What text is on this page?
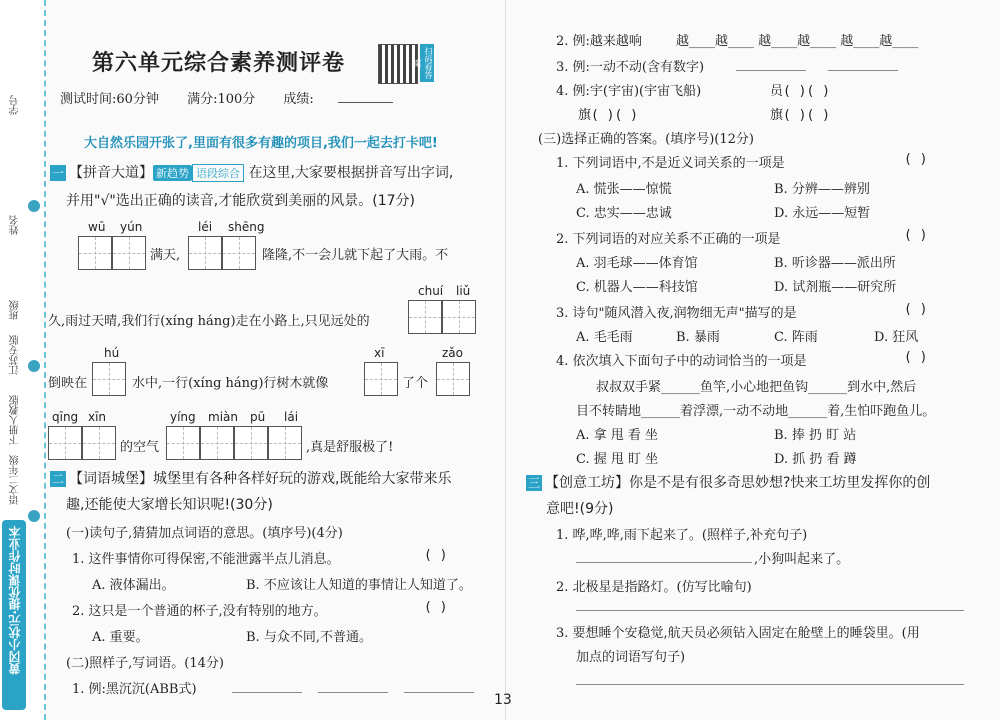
学号
姓名
班级
江苏专版
人教版
下册
语文二年级
黄冈小状元·提优课时作业本
第六单元综合素养测评卷	扫码看答案
测试时间:60分钟 满分:100分 成绩:
大自然乐园开张了,里面有很多有趣的项目,我们一起去打卡吧!
一 【拼音大道】 新趋势 语段综合 在这里,大家要根据拼音写出字词,
并用"√"选出正确的读音,才能欣赏到美丽的风景。(17分)
wū yún	léi shēng
满天,	隆隆,不一会儿就下起了大雨。不
chuí liǔ
久,雨过天晴,我们行(xíng háng)走在小路上,只见远处的
hú	xī	zǎo
倒映在	水中,一行(xíng háng)行树木就像	了个
qīng xīn	yíng miàn pū lái
的空气	,真是舒服极了!
二 【词语城堡】城堡里有各种各样好玩的游戏,既能给大家带来乐
趣,还能使大家增长知识呢!(30分)
(一)读句子,猜猜加点词语的意思。(填序号)(4分)
1. 这件事情你可得保密,不能泄露半点儿消息。	( )
A. 液体漏出。	B. 不应该让人知道的事情让人知道了。
2. 这只是一个普通的杯子,没有特别的地方。	( )
A. 重要。	B. 与众不同,不普通。
(二)照样子,写词语。(14分)
1. 例:黑沉沉(ABB式)
2. 例:越来越响	越____越____ 越____越____ 越____越____
3. 例:一动不动(含有数字)
4. 例:宇(宇宙)(宇宙飞船)	员( )( )
旗( )( )	旗( )( )
(三)选择正确的答案。(填序号)(12分)
1. 下列词语中,不是近义词关系的一项是	( )
A. 慌张——惊慌	B. 分辨——辨别
C. 忠实——忠诚	D. 永远——短暂
2. 下列词语的对应关系不正确的一项是	( )
A. 羽毛球——体育馆	B. 听诊器——派出所
C. 机器人——科技馆	D. 试剂瓶——研究所
3. 诗句"随风潜入夜,润物细无声"描写的是	( )
A. 毛毛雨	B. 暴雨	C. 阵雨	D. 狂风
4. 依次填入下面句子中的动词恰当的一项是	( )
叔叔双手紧______鱼竿,小心地把鱼钩______到水中,然后
目不转睛地______着浮漂,一动不动地______着,生怕吓跑鱼儿。
A. 拿 甩 看 坐	B. 捧 扔 盯 站
C. 握 甩 盯 坐	D. 抓 扔 看 蹲
三 【创意工坊】你是不是有很多奇思妙想?快来工坊里发挥你的创
意吧!(9分)
1. 哗,哗,哗,雨下起来了。(照样子,补充句子)
,小狗叫起来了。
2. 北极星是指路灯。(仿写比喻句)
3. 要想睡个安稳觉,航天员必须钻入固定在舱壁上的睡袋里。(用
加点的词语写句子)
13
